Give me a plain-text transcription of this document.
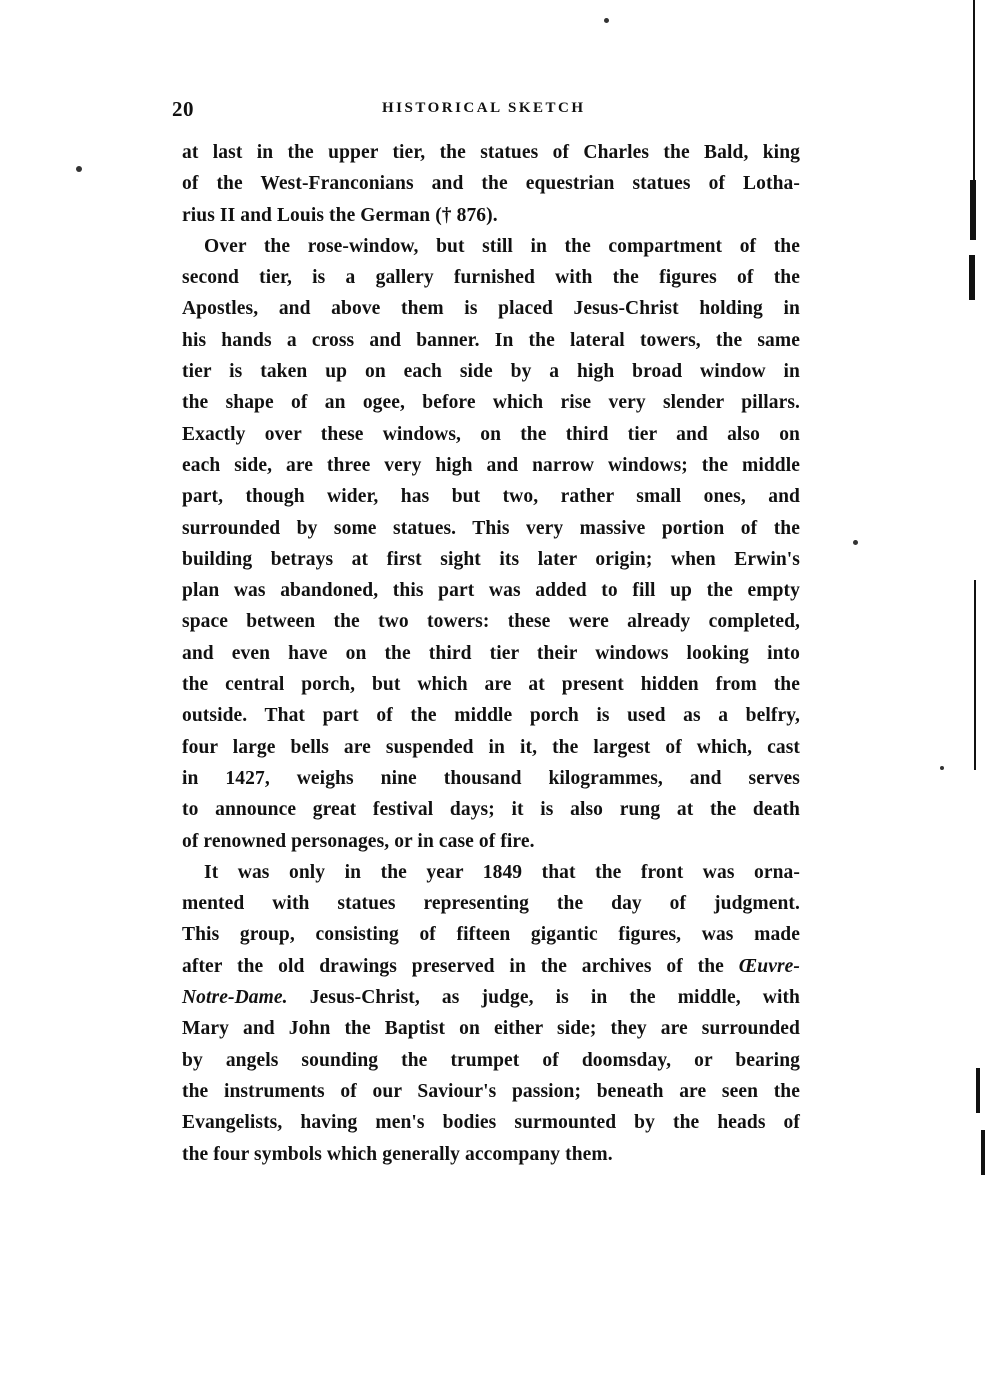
20	HISTORICAL SKETCH
at last in the upper tier, the statues of Charles the Bald, king
of the West-Franconians and the equestrian statues of Lotha-
rius II and Louis the German († 876).
Over the rose-window, but still in the compartment of the
second tier, is a gallery furnished with the figures of the
Apostles, and above them is placed Jesus-Christ holding in
his hands a cross and banner. In the lateral towers, the same
tier is taken up on each side by a high broad window in
the shape of an ogee, before which rise very slender pillars.
Exactly over these windows, on the third tier and also on
each side, are three very high and narrow windows; the middle
part, though wider, has but two, rather small ones, and
surrounded by some statues. This very massive portion of the
building betrays at first sight its later origin; when Erwin's
plan was abandoned, this part was added to fill up the empty
space between the two towers: these were already completed,
and even have on the third tier their windows looking into
the central porch, but which are at present hidden from the
outside. That part of the middle porch is used as a belfry,
four large bells are suspended in it, the largest of which, cast
in 1427, weighs nine thousand kilogrammes, and serves
to announce great festival days; it is also rung at the death
of renowned personages, or in case of fire.
It was only in the year 1849 that the front was orna-
mented with statues representing the day of judgment.
This group, consisting of fifteen gigantic figures, was made
after the old drawings preserved in the archives of the Œuvre-
Notre-Dame. Jesus-Christ, as judge, is in the middle, with
Mary and John the Baptist on either side; they are surrounded
by angels sounding the trumpet of doomsday, or bearing
the instruments of our Saviour's passion; beneath are seen the
Evangelists, having men's bodies surmounted by the heads of
the four symbols which generally accompany them.
